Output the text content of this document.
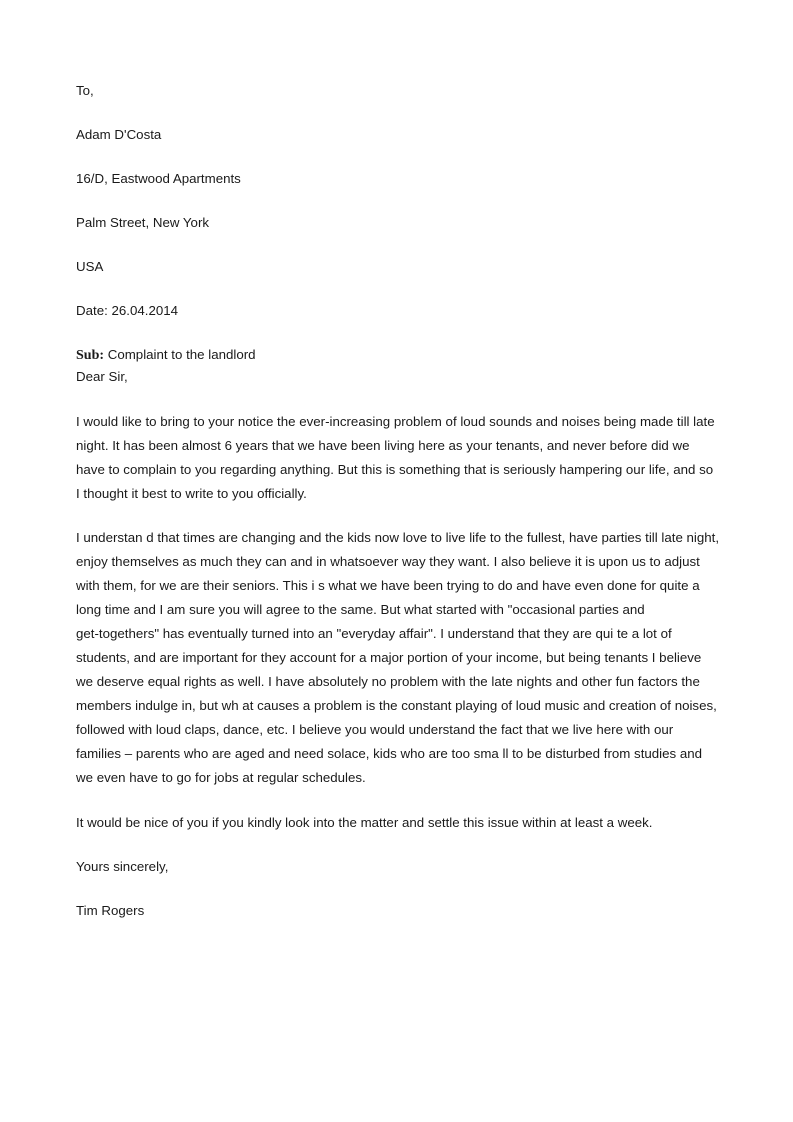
To,

Adam D'Costa

16/D, Eastwood Apartments

Palm Street, New York

USA

Date: 26.04.2014

Sub: Complaint to the landlord

Dear Sir,

I would like to bring to your notice the ever-increasing problem of loud sounds and noises being made till late
night. It has been almost 6 years that we have been living here as your tenants, and never before did we
have to complain to you regarding anything. But this is something that is seriously hampering our life, and so
I thought it best to write to you officially.
I understan d that times are changing and the kids now love to live life to the fullest, have parties till late night,
enjoy themselves as much they can and in whatsoever way they want. I also believe it is upon us to adjust
with them, for we are their seniors. This i s what we have been trying to do and have even done for quite a
long time and I am sure you will agree to the same. But what started with "occasional parties and
get-togethers" has eventually turned into an "everyday affair". I understand that they are qui te a lot of
students, and are important for they account for a major portion of your income, but being tenants I believe
we deserve equal rights as well. I have absolutely no problem with the late nights and other fun factors the
members indulge in, but wh at causes a problem is the constant playing of loud music and creation of noises,
followed with loud claps, dance, etc. I believe you would understand the fact that we live here with our
families – parents who are aged and need solace, kids who are too sma ll to be disturbed from studies and
we even have to go for jobs at regular schedules.

It would be nice of you if you kindly look into the matter and settle this issue within at least a week.

Yours sincerely,

Tim Rogers
